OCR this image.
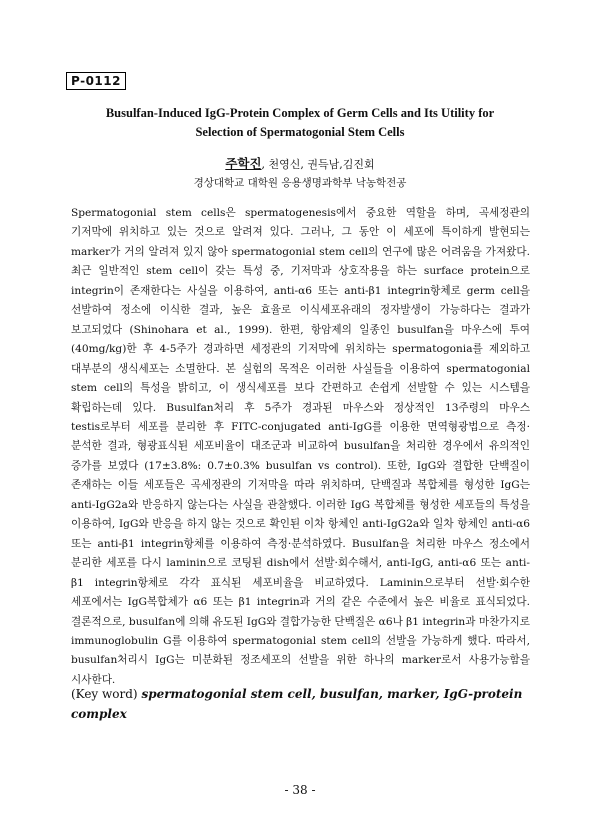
P-0112
Busulfan-Induced IgG-Protein Complex of Germ Cells and Its Utility for
Selection of Spermatogonial Stem Cells
주학진, 천영신, 권득남,김진회
경상대학교 대학원 응용생명과학부 낙농학전공
Spermatogonial stem cells은 spermatogenesis에서 중요한 역할을 하며, 곡세정관의 기저막에 위치하고 있는 것으로 알려져 있다. 그러나, 그 동안 이 세포에 특이하게 발현되는 marker가 거의 알려져 있지 않아 spermatogonial stem cell의 연구에 많은 어려움을 가져왔다. 최근 일반적인 stem cell이 갖는 특성 중, 기저막과 상호작용을 하는 surface protein으로 integrin이 존재한다는 사실을 이용하여, anti-α6 또는 anti-β1 integrin항체로 germ cell을 선발하여 정소에 이식한 결과, 높은 효율로 이식세포유래의 정자발생이 가능하다는 결과가 보고되었다 (Shinohara et al., 1999). 한편, 항암제의 일종인 busulfan을 마우스에 투여(40mg/kg)한 후 4-5주가 경과하면 세정관의 기저막에 위치하는 spermatogonia를 제외하고 대부분의 생식세포는 소멸한다. 본 실험의 목적은 이러한 사실들을 이용하여 spermatogonial stem cell의 특성을 밝히고, 이 생식세포를 보다 간편하고 손쉽게 선발할 수 있는 시스템을 확립하는데 있다. Busulfan처리 후 5주가 경과된 마우스와 정상적인 13주령의 마우스 testis로부터 세포를 분리한 후 FITC-conjugated anti-IgG를 이용한 면역형광법으로 측정·분석한 결과, 형광표식된 세포비율이 대조군과 비교하여 busulfan을 처리한 경우에서 유의적인 증가를 보였다 (17±3.8%: 0.7±0.3% busulfan vs control). 또한, IgG와 결합한 단백질이 존재하는 이들 세포들은 곡세정관의 기저막을 따라 위치하며, 단백질과 복합체를 형성한 IgG는 anti-IgG2a와 반응하지 않는다는 사실을 관찰했다. 이러한 IgG 복합체를 형성한 세포들의 특성을 이용하여, IgG와 반응을 하지 않는 것으로 확인된 이차 항체인 anti-IgG2a와 일차 항체인 anti-α6 또는 anti-β1 integrin항체를 이용하여 측정·분석하였다. Busulfan을 처리한 마우스 정소에서 분리한 세포를 다시 laminin으로 코팅된 dish에서 선발·회수해서, anti-IgG, anti-α6 또는 anti-β1 integrin항체로 각각 표식된 세포비율을 비교하였다. Laminin으로부터 선발·회수한 세포에서는 IgG복합체가 α6 또는 β1 integrin과 거의 같은 수준에서 높은 비율로 표식되었다. 결론적으로, busulfan에 의해 유도된 IgG와 결합가능한 단백질은 α6나 β1 integrin과 마찬가지로 immunoglobulin G를 이용하여 spermatogonial stem cell의 선발을 가능하게 했다. 따라서, busulfan처리시 IgG는 미분화된 정조세포의 선발을 위한 하나의 marker로서 사용가능함을 시사한다.
(Key word) spermatogonial stem cell, busulfan, marker, IgG-protein complex
- 38 -
